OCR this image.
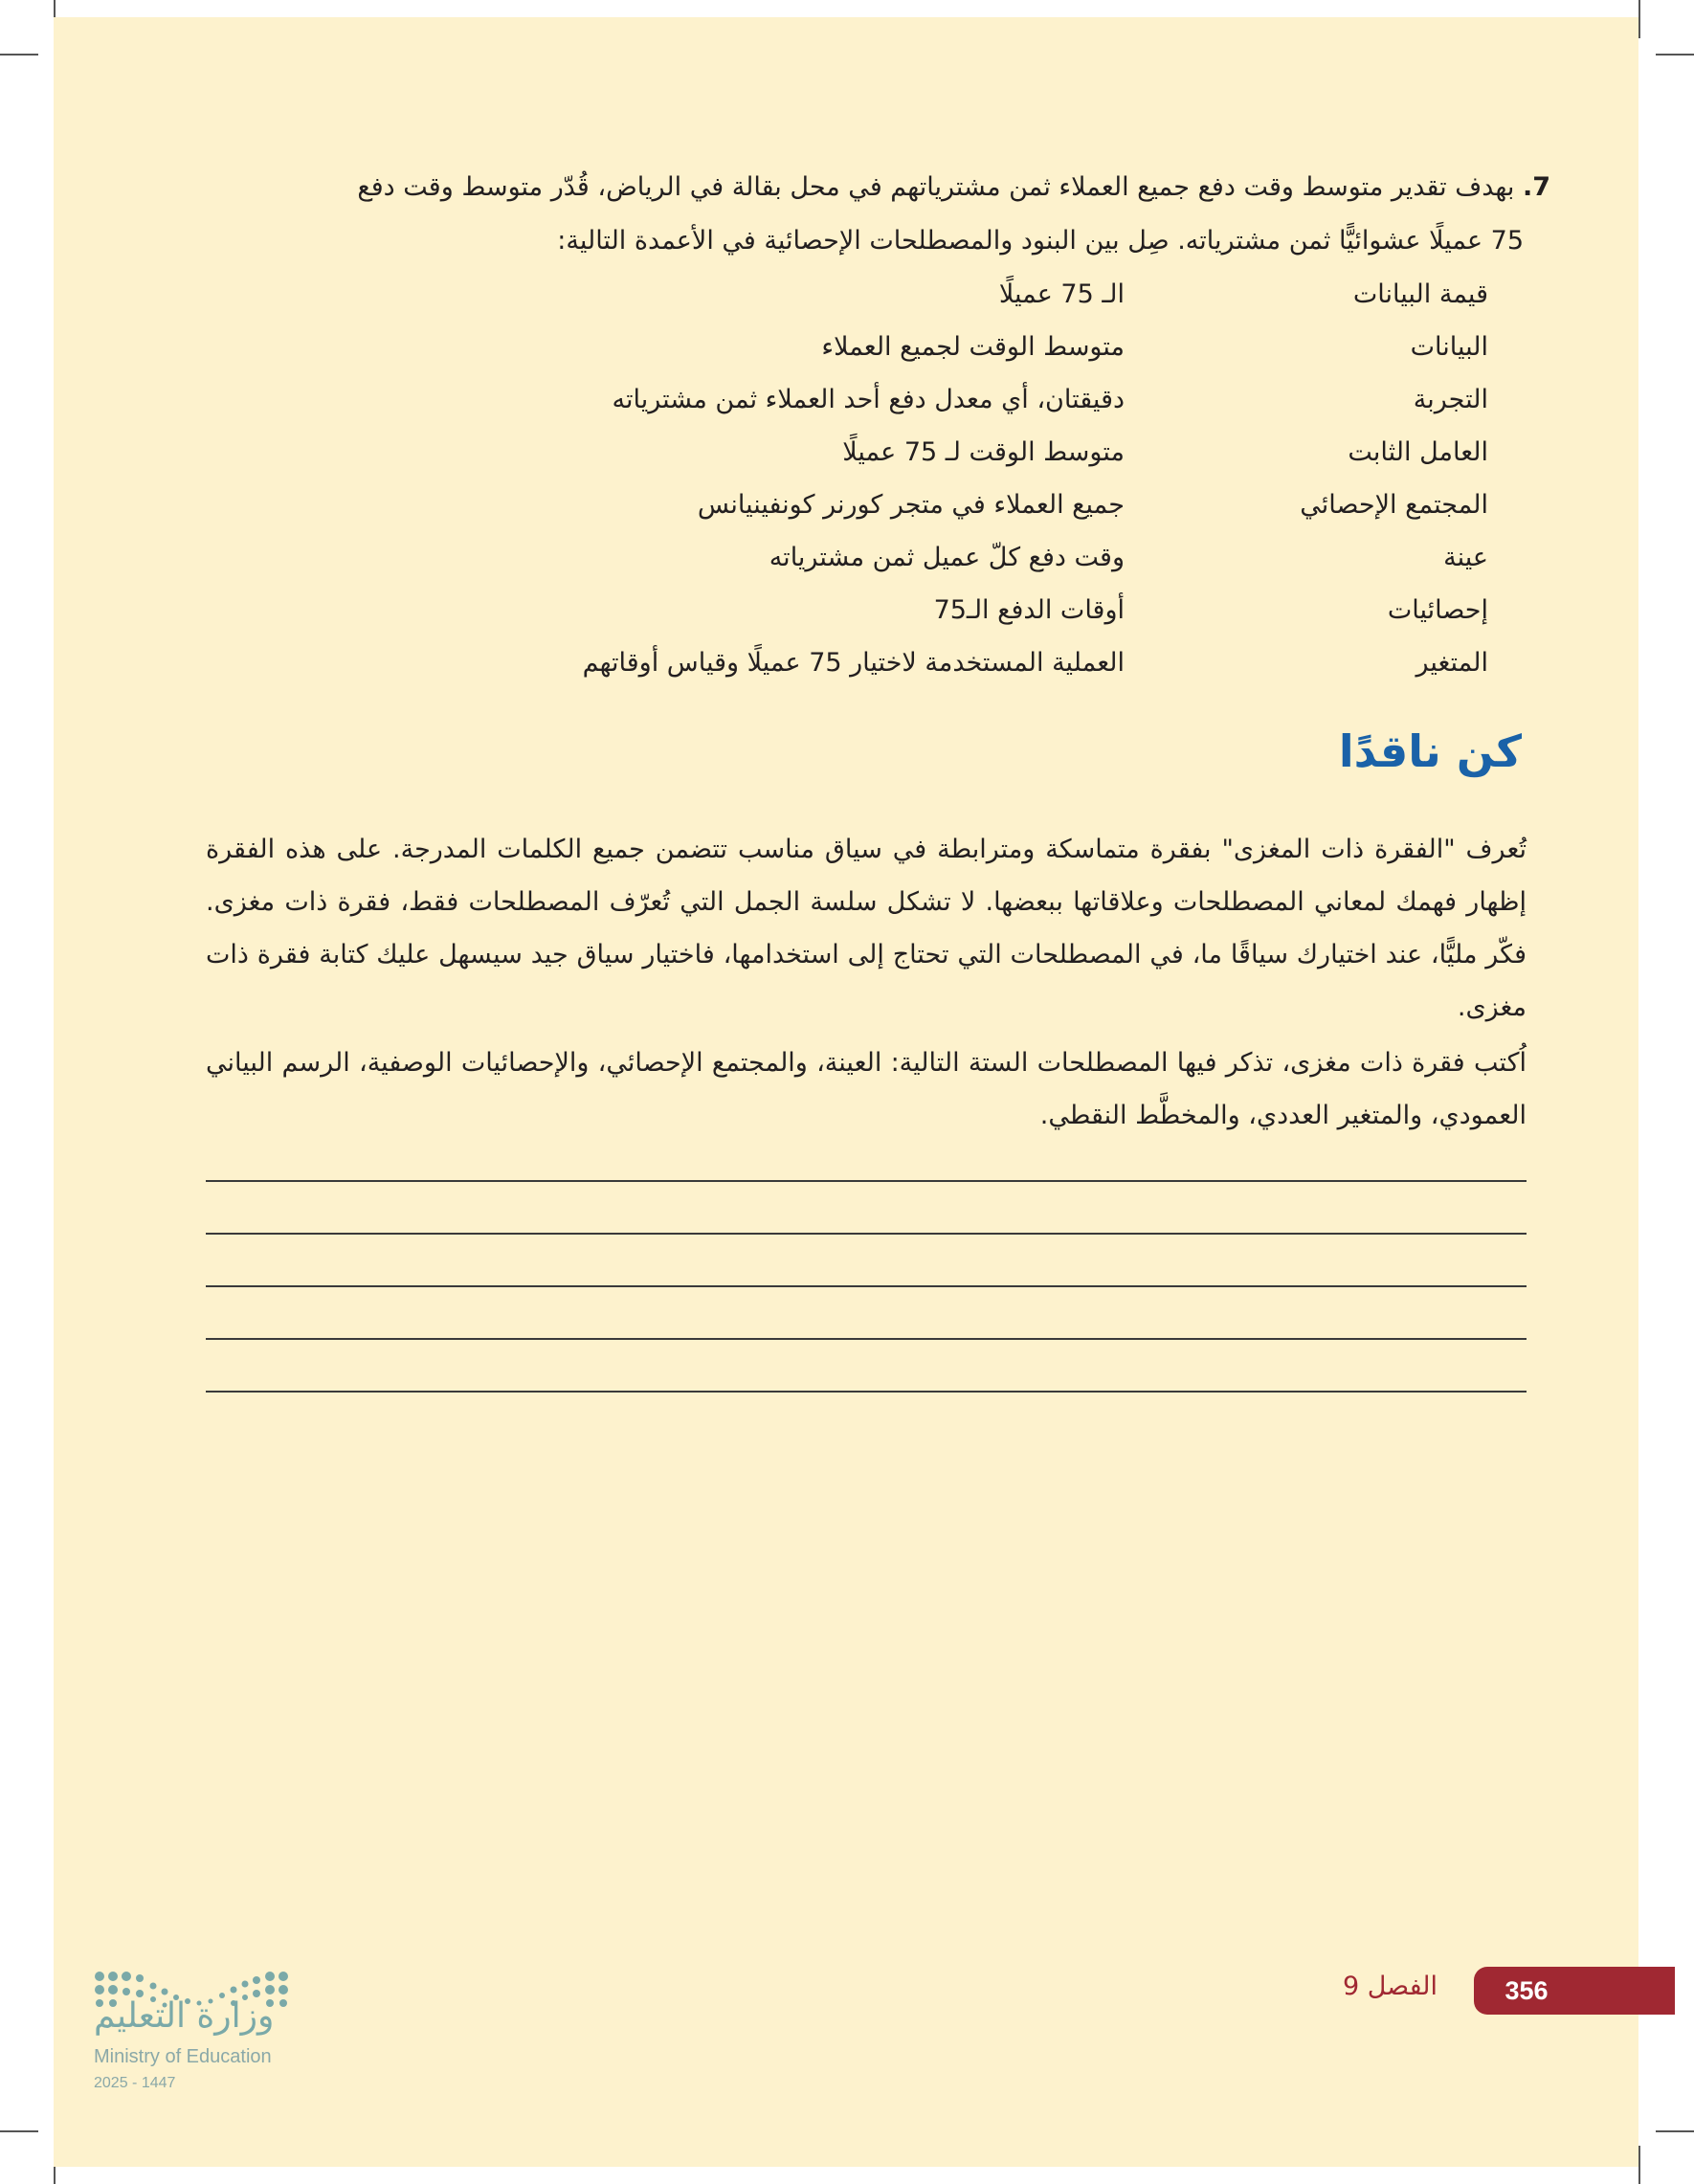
7. بهدف تقدير متوسط وقت دفع جميع العملاء ثمن مشترياتهم في محل بقالة في الرياض، قُدّر متوسط وقت دفع
75 عميلًا عشوائيًّا ثمن مشترياته. صِل بين البنود والمصطلحات الإحصائية في الأعمدة التالية:
قيمة البيانات
البيانات
التجربة
العامل الثابت
المجتمع الإحصائي
عينة
إحصائيات
المتغير
الـ 75 عميلًا
متوسط الوقت لجميع العملاء
دقيقتان، أي معدل دفع أحد العملاء ثمن مشترياته
متوسط الوقت لـ 75 عميلًا
جميع العملاء في متجر كورنر كونفينيانس
وقت دفع كلّ عميل ثمن مشترياته
أوقات الدفع الـ75
العملية المستخدمة لاختيار 75 عميلًا وقياس أوقاتهم
كن ناقدًا
تُعرف "الفقرة ذات المغزى" بفقرة متماسكة ومترابطة في سياق مناسب تتضمن جميع الكلمات المدرجة. على هذه الفقرة إظهار فهمك لمعاني المصطلحات وعلاقاتها ببعضها. لا تشكل سلسة الجمل التي تُعرّف المصطلحات فقط، فقرة ذات مغزى. فكّر مليًّا، عند اختيارك سياقًا ما، في المصطلحات التي تحتاج إلى استخدامها، فاختيار سياق جيد سيسهل عليك كتابة فقرة ذات مغزى.
اُكتب فقرة ذات مغزى، تذكر فيها المصطلحات الستة التالية: العينة، والمجتمع الإحصائي، والإحصائيات الوصفية، الرسم البياني العمودي، والمتغير العددي، والمخطَّط النقطي.
356
الفصل 9
وزارة التعليم
Ministry of Education
2025 - 1447
